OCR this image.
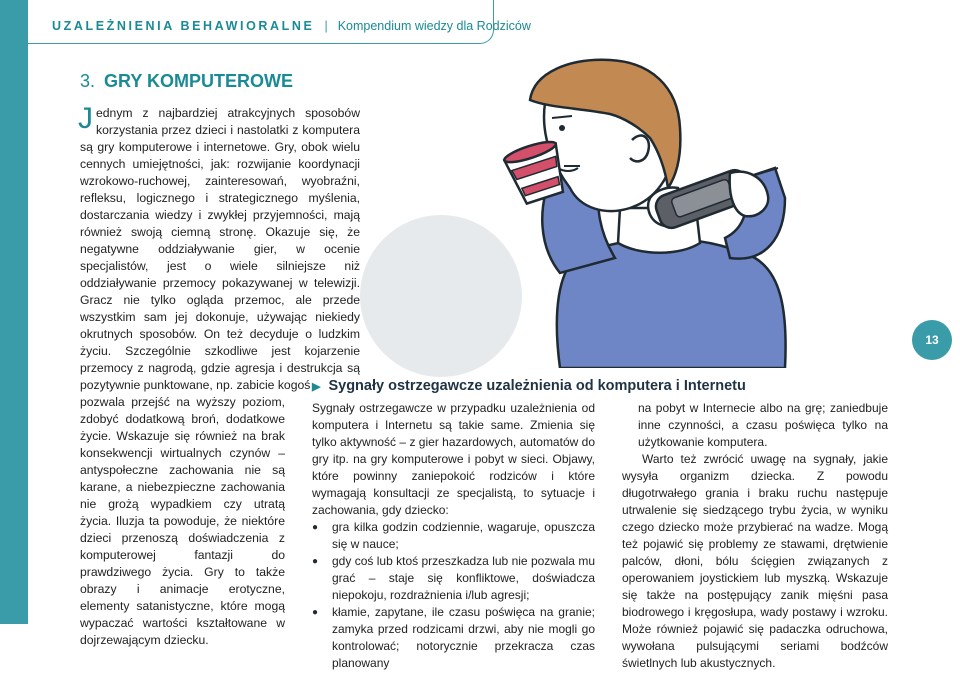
UZALEŻNIENIA BEHAWIORALNE | Kompendium wiedzy dla Rodziców
3. GRY KOMPUTEROWE
J ednym z najbardziej atrakcyjnych sposobów korzystania przez dzieci i nastolatki z komputera są gry komputerowe i internetowe. Gry, obok wielu cennych umiejętności, jak: rozwijanie koordynacji wzrokowo-ruchowej, zainteresowań, wyobraźni, refleksu, logicznego i strategicznego myślenia, dostarczania wiedzy i zwykłej przyjemności, mają również swoją ciemną stronę. Okazuje się, że negatywne oddziaływanie gier, w ocenie specjalistów, jest o wiele silniejsze niż oddziaływanie przemocy pokazywanej w telewizji. Gracz nie tylko ogląda przemoc, ale przede wszystkim sam jej dokonuje, używając niekiedy okrutnych sposobów. On też decyduje o ludzkim życiu. Szczególnie szkodliwe jest kojarzenie przemocy z nagrodą, gdzie agresja i destrukcja są pozytywnie punktowane, np. zabicie kogoś
pozwala przejść na wyższy poziom, zdobyć dodatkową broń, dodatkowe życie. Wskazuje się również na brak konsekwencji wirtualnych czynów – antyspołeczne zachowania nie są karane, a niebezpieczne zachowania nie grożą wypadkiem czy utratą życia. Iluzja ta powoduje, że niektóre dzieci przenoszą doświadczenia z komputerowej fantazji do prawdziwego życia. Gry to także obrazy i animacje erotyczne, elementy satanistyczne, które mogą wypaczać wartości kształtowane w dojrzewającym dziecku.
13
▶ Sygnały ostrzegawcze uzależnienia od komputera i Internetu

Sygnały ostrzegawcze w przypadku uzależnienia od komputera i Internetu są takie same. Zmienia się tylko aktywność – z gier hazardowych, automatów do gry itp. na gry komputerowe i pobyt w sieci. Objawy, które powinny zaniepokoić rodziców i które wymagają konsultacji ze specjalistą, to sytuacje i zachowania, gdy dziecko:

● gra kilka godzin codziennie, wagaruje, opuszcza się w nauce;
● gdy coś lub ktoś przeszkadza lub nie pozwala mu grać – staje się konfliktowe, doświadcza niepokoju, rozdrażnienia i/lub agresji;
● kłamie, zapytane, ile czasu poświęca na granie; zamyka przed rodzicami drzwi, aby nie mogli go kontrolować; notorycznie przekracza czas planowany
na pobyt w Internecie albo na grę; zaniedbuje inne czynności, a czasu poświęca tylko na użytkowanie komputera.
Warto też zwrócić uwagę na sygnały, jakie wysyła organizm dziecka. Z powodu długotrwałego grania i braku ruchu następuje utrwalenie się siedzącego trybu życia, w wyniku czego dziecko może przybierać na wadze. Mogą też pojawić się problemy ze stawami, drętwienie palców, dłoni, bólu ścięgien związanych z operowaniem joystickiem lub myszką. Wskazuje się także na postępujący zanik mięśni pasa biodrowego i kręgosłupa, wady postawy i wzroku. Może również pojawić się padaczka odruchowa, wywołana pulsującymi seriami bodźców świetlnych lub akustycznych.
